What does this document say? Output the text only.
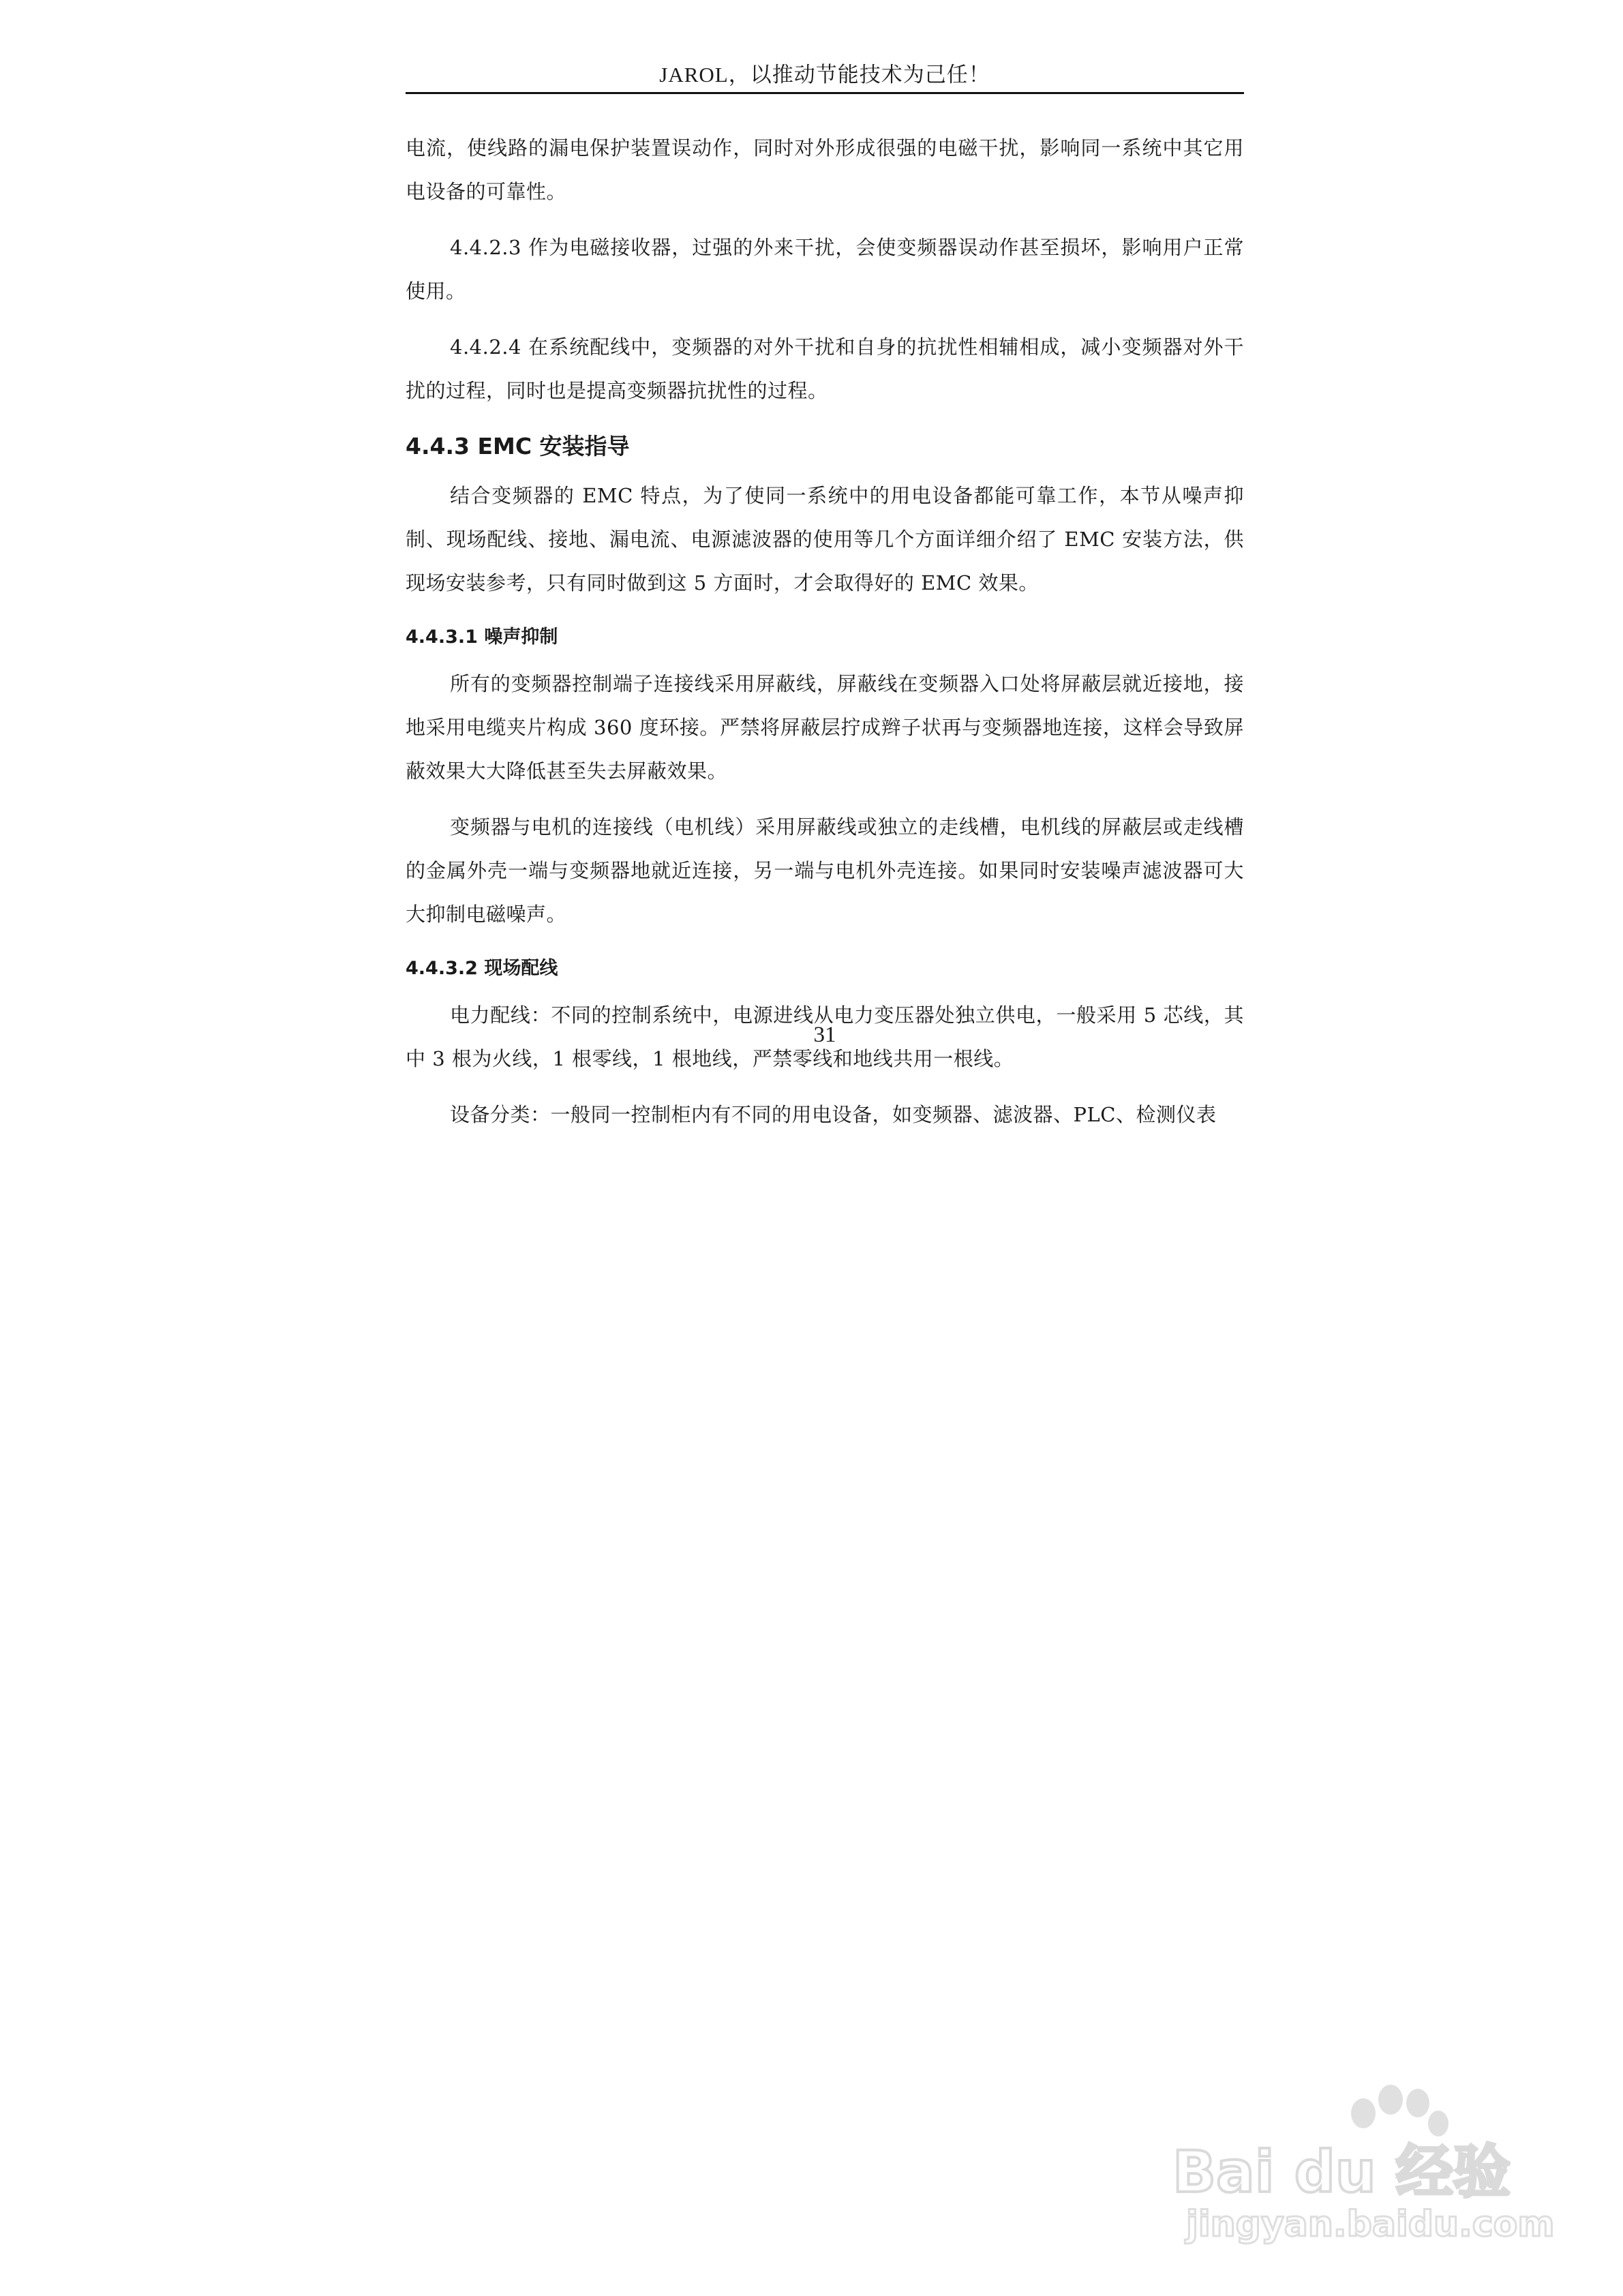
JAROL，以推动节能技术为己任！

电流，使线路的漏电保护装置误动作，同时对外形成很强的电磁干扰，影响同一系统中其它用电设备的可靠性。

4.4.2.3 作为电磁接收器，过强的外来干扰，会使变频器误动作甚至损坏，影响用户正常使用。

4.4.2.4 在系统配线中，变频器的对外干扰和自身的抗扰性相辅相成，减小变频器对外干扰的过程，同时也是提高变频器抗扰性的过程。

4.4.3 EMC 安装指导

结合变频器的 EMC 特点，为了使同一系统中的用电设备都能可靠工作，本节从噪声抑制、现场配线、接地、漏电流、电源滤波器的使用等几个方面详细介绍了 EMC 安装方法，供现场安装参考，只有同时做到这 5 方面时，才会取得好的 EMC 效果。

4.4.3.1 噪声抑制

所有的变频器控制端子连接线采用屏蔽线，屏蔽线在变频器入口处将屏蔽层就近接地，接地采用电缆夹片构成 360 度环接。严禁将屏蔽层拧成辫子状再与变频器地连接，这样会导致屏蔽效果大大降低甚至失去屏蔽效果。

变频器与电机的连接线（电机线）采用屏蔽线或独立的走线槽，电机线的屏蔽层或走线槽的金属外壳一端与变频器地就近连接，另一端与电机外壳连接。如果同时安装噪声滤波器可大大抑制电磁噪声。

4.4.3.2 现场配线

电力配线：不同的控制系统中，电源进线从电力变压器处独立供电，一般采用 5 芯线，其中 3 根为火线，1 根零线，1 根地线，严禁零线和地线共用一根线。

设备分类：一般同一控制柜内有不同的用电设备，如变频器、滤波器、PLC、检测仪表

31
Bai du 经验
jingyan.baidu.com
